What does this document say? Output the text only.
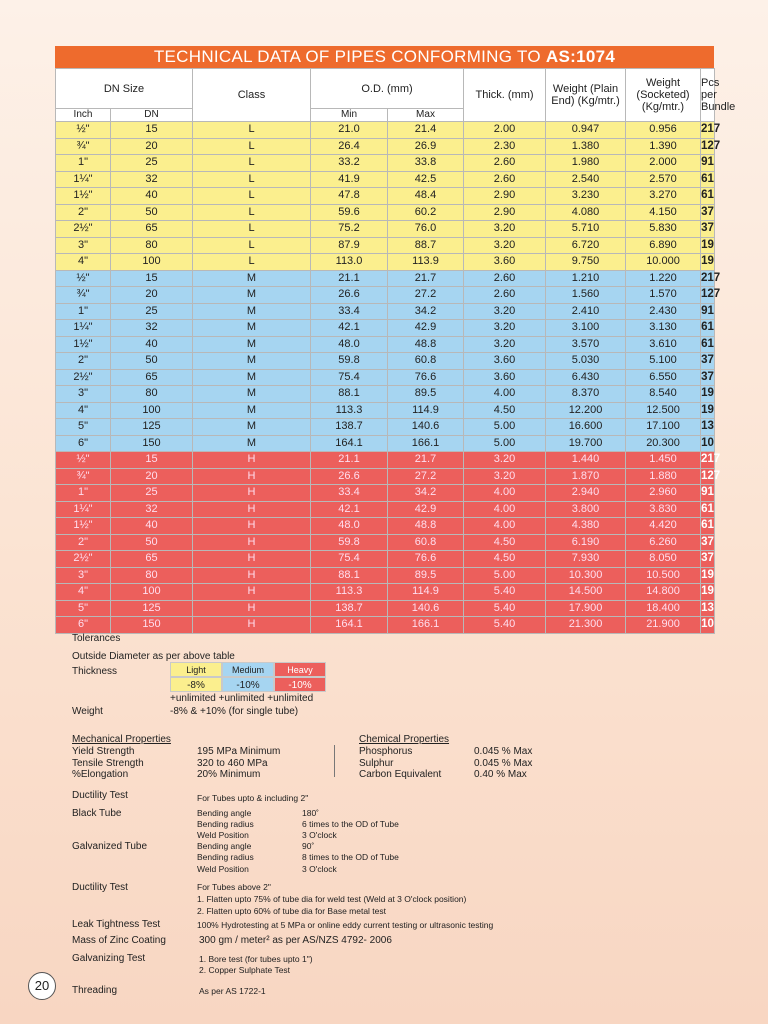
TECHNICAL DATA OF PIPES CONFORMING TO AS:1074
DN Size		Class	O.D. (mm)		Thick. (mm)	Weight (Plain End) (Kg/mtr.)	Weight (Socketed) (Kg/mtr.)	Pcs per Bundle
Inch	DN		Min	Max				
½"	15	L	21.0	21.4	2.00	0.947	0.956	217
¾"	20	L	26.4	26.9	2.30	1.380	1.390	127
1"	25	L	33.2	33.8	2.60	1.980	2.000	91
1¼"	32	L	41.9	42.5	2.60	2.540	2.570	61
1½"	40	L	47.8	48.4	2.90	3.230	3.270	61
2"	50	L	59.6	60.2	2.90	4.080	4.150	37
2½"	65	L	75.2	76.0	3.20	5.710	5.830	37
3"	80	L	87.9	88.7	3.20	6.720	6.890	19
4"	100	L	113.0	113.9	3.60	9.750	10.000	19
½"	15	M	21.1	21.7	2.60	1.210	1.220	217
¾"	20	M	26.6	27.2	2.60	1.560	1.570	127
1"	25	M	33.4	34.2	3.20	2.410	2.430	91
1¼"	32	M	42.1	42.9	3.20	3.100	3.130	61
1½"	40	M	48.0	48.8	3.20	3.570	3.610	61
2"	50	M	59.8	60.8	3.60	5.030	5.100	37
2½"	65	M	75.4	76.6	3.60	6.430	6.550	37
3"	80	M	88.1	89.5	4.00	8.370	8.540	19
4"	100	M	113.3	114.9	4.50	12.200	12.500	19
5"	125	M	138.7	140.6	5.00	16.600	17.100	13
6"	150	M	164.1	166.1	5.00	19.700	20.300	10
½"	15	H	21.1	21.7	3.20	1.440	1.450	217
¾"	20	H	26.6	27.2	3.20	1.870	1.880	127
1"	25	H	33.4	34.2	4.00	2.940	2.960	91
1¼"	32	H	42.1	42.9	4.00	3.800	3.830	61
1½"	40	H	48.0	48.8	4.00	4.380	4.420	61
2"	50	H	59.8	60.8	4.50	6.190	6.260	37
2½"	65	H	75.4	76.6	4.50	7.930	8.050	37
3"	80	H	88.1	89.5	5.00	10.300	10.500	19
4"	100	H	113.3	114.9	5.40	14.500	14.800	19
5"	125	H	138.7	140.6	5.40	17.900	18.400	13
6"	150	H	164.1	166.1	5.40	21.300	21.900	10
Tolerances
Outside Diameter as per above table
Thickness	Light	Medium	Heavy
-8%	-10%	-10%
+unlimited +unlimited +unlimited
Weight	-8% & +10% (for single tube)
Mechanical Properties
Yield Strength	195 MPa Minimum
Tensile Strength	320 to 460 MPa
%Elongation	20% Minimum
Chemical Properties
Phosphorus	0.045 % Max
Sulphur	0.045 % Max
Carbon Equivalent	0.40 % Max
Ductility Test	For Tubes upto & including 2"
Black Tube	Bending angle	180˚
Bending radius	6 times to the OD of Tube
Weld Position	3 O'clock
Galvanized Tube	Bending angle	90˚
Bending radius	8 times to the OD of Tube
Weld Position	3 O'clock
Ductility Test	For Tubes above 2"
1. Flatten upto 75% of tube dia for weld test (Weld at 3 O'clock position)
2. Flatten upto 60% of tube dia for Base metal test
Leak Tightness Test	100% Hydrotesting at 5 MPa or online eddy current testing or ultrasonic testing
Mass of Zinc Coating	300 gm / meter² as per AS/NZS 4792- 2006
Galvanizing Test	1. Bore test (for tubes upto 1")
2. Copper Sulphate Test
Threading	As per AS 1722-1
20
